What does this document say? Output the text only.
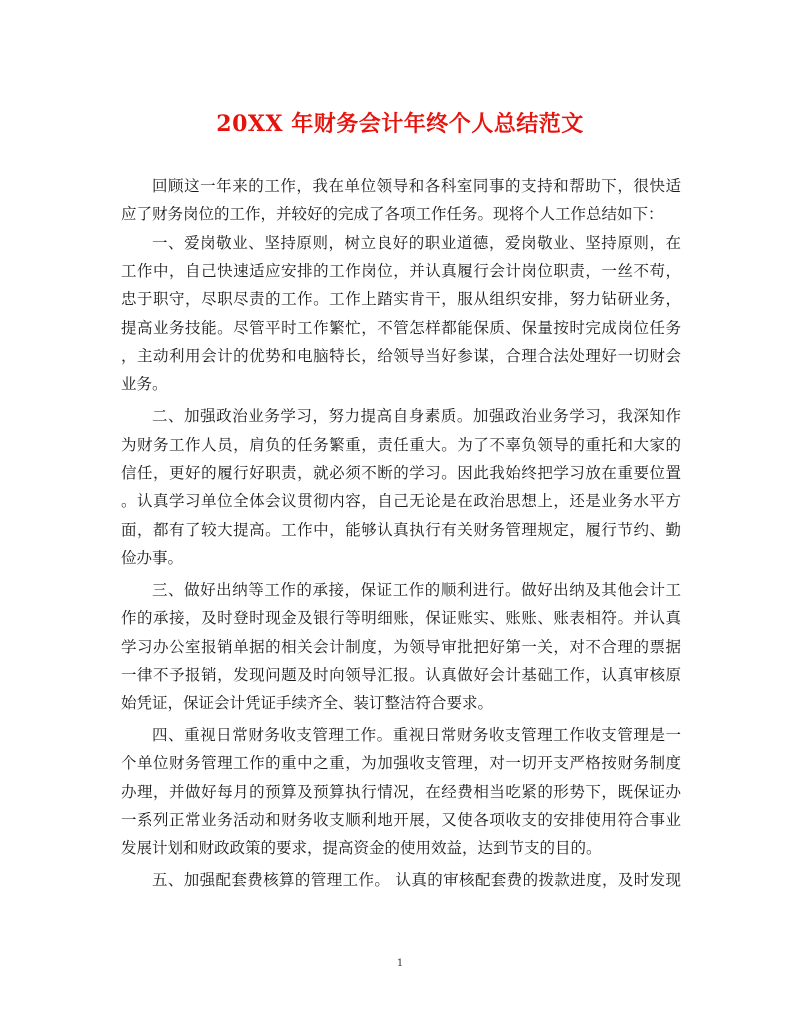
20XX 年财务会计年终个人总结范文
回顾这一年来的工作，我在单位领导和各科室同事的支持和帮助下，很快适
应了财务岗位的工作，并较好的完成了各项工作任务。现将个人工作总结如下：
一、爱岗敬业、坚持原则，树立良好的职业道德，爱岗敬业、坚持原则，在
工作中，自己快速适应安排的工作岗位，并认真履行会计岗位职责，一丝不苟，
忠于职守，尽职尽责的工作。工作上踏实肯干，服从组织安排，努力钻研业务，
提高业务技能。尽管平时工作繁忙，不管怎样都能保质、保量按时完成岗位任务
，主动利用会计的优势和电脑特长，给领导当好参谋，合理合法处理好一切财会
业务。
二、加强政治业务学习，努力提高自身素质。加强政治业务学习，我深知作
为财务工作人员，肩负的任务繁重，责任重大。为了不辜负领导的重托和大家的
信任，更好的履行好职责，就必须不断的学习。因此我始终把学习放在重要位置
。认真学习单位全体会议贯彻内容，自己无论是在政治思想上，还是业务水平方
面，都有了较大提高。工作中，能够认真执行有关财务管理规定，履行节约、勤
俭办事。
三、做好出纳等工作的承接，保证工作的顺利进行。做好出纳及其他会计工
作的承接，及时登时现金及银行等明细账，保证账实、账账、账表相符。并认真
学习办公室报销单据的相关会计制度，为领导审批把好第一关，对不合理的票据
一律不予报销，发现问题及时向领导汇报。认真做好会计基础工作，认真审核原
始凭证，保证会计凭证手续齐全、装订整洁符合要求。
四、重视日常财务收支管理工作。重视日常财务收支管理工作收支管理是一
个单位财务管理工作的重中之重，为加强收支管理，对一切开支严格按财务制度
办理，并做好每月的预算及预算执行情况，在经费相当吃紧的形势下，既保证办
一系列正常业务活动和财务收支顺利地开展，又使各项收支的安排使用符合事业
发展计划和财政政策的要求，提高资金的使用效益，达到节支的目的。
五、加强配套费核算的管理工作。 认真的审核配套费的拨款进度，及时发现
1
